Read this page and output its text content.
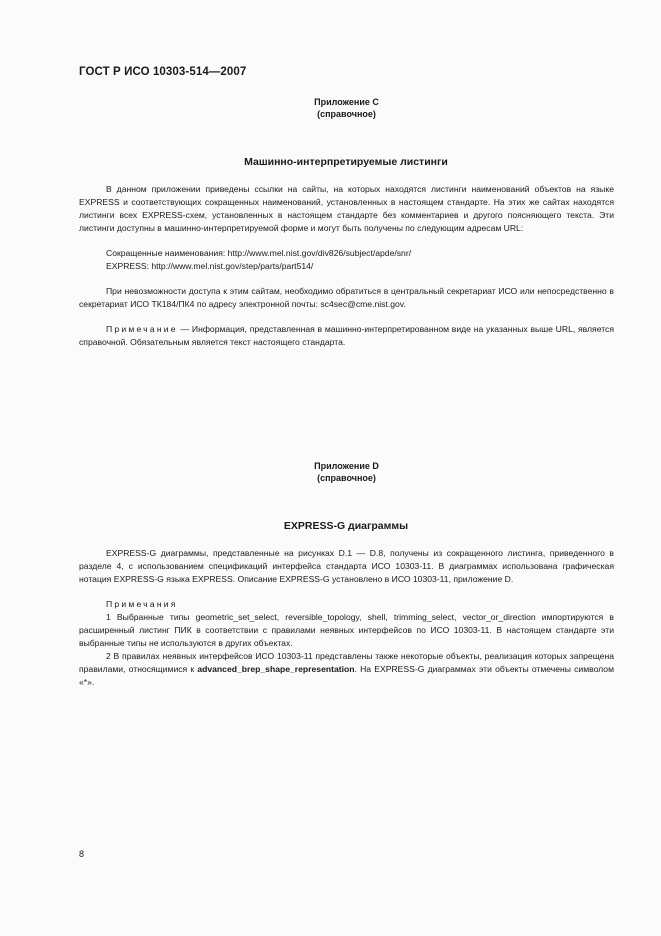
ГОСТ Р ИСО 10303-514—2007
Приложение С
(справочное)
Машинно-интерпретируемые листинги

В данном приложении приведены ссылки на сайты, на которых находятся листинги наименований объектов на языке EXPRESS и соответствующих сокращенных наименований, установленных в настоящем стандарте. На этих же сайтах находятся листинги всех EXPRESS-схем, установленных в настоящем стандарте без комментариев и другого поясняющего текста. Эти листинги доступны в машинно-интерпретируемой форме и могут быть получены по следующим адресам URL:

Сокращенные наименования: http://www.mel.nist.gov/div826/subject/apde/snr/

EXPRESS: http://www.mel.nist.gov/step/parts/part514/

При невозможности доступа к этим сайтам, необходимо обратиться в центральный секретариат ИСО или непосредственно в секретариат ИСО ТК184/ПК4 по адресу электронной почты: sc4sec@cme.nist.gov.

Примечание — Информация, представленная в машинно-интерпретированном виде на указанных выше URL, является справочной. Обязательным является текст настоящего стандарта.

Приложение D
(справочное)
EXPRESS-G диаграммы

EXPRESS-G диаграммы, представленные на рисунках D.1 — D.8, получены из сокращенного листинга, приведенного в разделе 4, с использованием спецификаций интерфейса стандарта ИСО 10303-11. В диаграммах использована графическая нотация EXPRESS-G языка EXPRESS. Описание EXPRESS-G установлено в ИСО 10303-11, приложение D.

Примечания

1 Выбранные типы geometric_set_select, reversible_topology, shell, trimming_select, vector_or_direction импортируются в расширенный листинг ПИК в соответствии с правилами неявных интерфейсов по ИСО 10303-11. В настоящем стандарте эти выбранные типы не используются в других объектах.

2 В правилах неявных интерфейсов ИСО 10303-11 представлены также некоторые объекты, реализация которых запрещена правилами, относящимися к advanced_brep_shape_representation. На EXPRESS-G диаграммах эти объекты отмечены символом «*».

8
